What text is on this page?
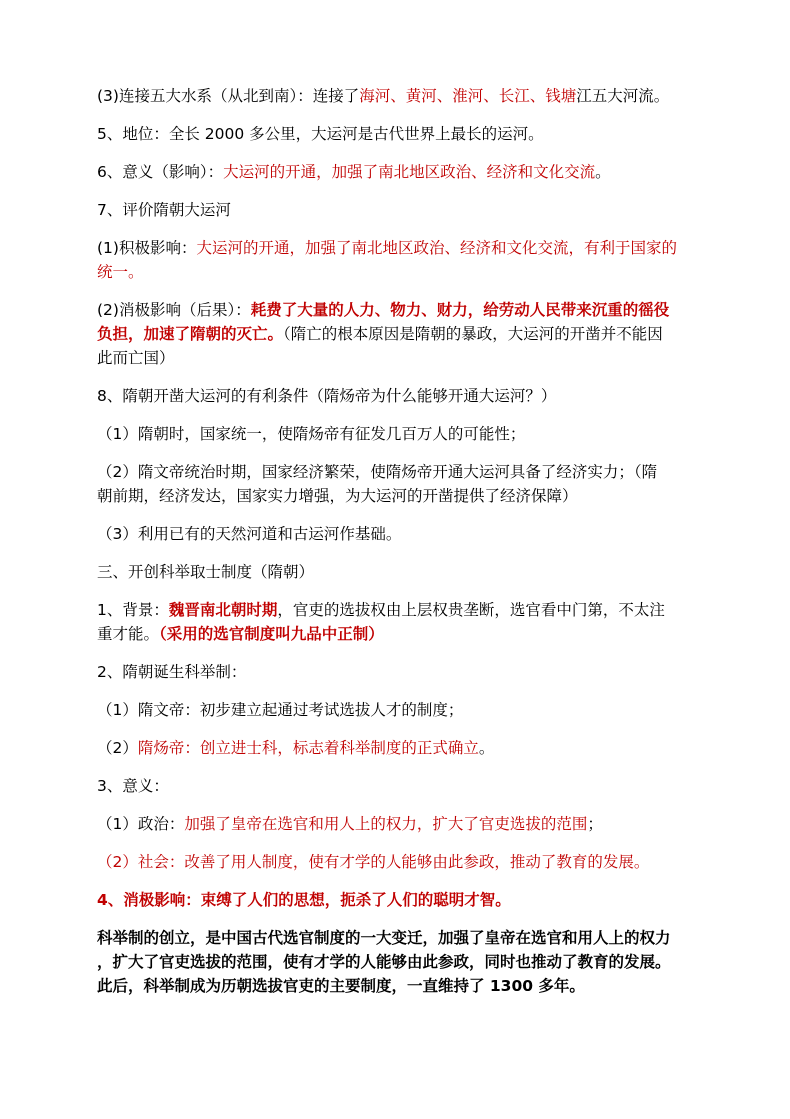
(3)连接五大水系（从北到南）：连接了海河、黄河、淮河、长江、钱塘江五大河流。
5、地位：全长 2000 多公里，大运河是古代世界上最长的运河。
6、意义（影响）：大运河的开通，加强了南北地区政治、经济和文化交流。
7、评价隋朝大运河
(1)积极影响：大运河的开通，加强了南北地区政治、经济和文化交流，有利于国家的
统一。
(2)消极影响（后果）：耗费了大量的人力、物力、财力，给劳动人民带来沉重的徭役
负担，加速了隋朝的灭亡。（隋亡的根本原因是隋朝的暴政，大运河的开凿并不能因
此而亡国）
8、隋朝开凿大运河的有利条件（隋炀帝为什么能够开通大运河？）
（1）隋朝时，国家统一，使隋炀帝有征发几百万人的可能性；
（2）隋文帝统治时期，国家经济繁荣，使隋炀帝开通大运河具备了经济实力；（隋
朝前期，经济发达，国家实力增强，为大运河的开凿提供了经济保障）
（3）利用已有的天然河道和古运河作基础。
三、开创科举取士制度（隋朝）
1、背景：魏晋南北朝时期，官吏的选拔权由上层权贵垄断，选官看中门第，不太注
重才能。（采用的选官制度叫九品中正制）
2、隋朝诞生科举制：
（1）隋文帝：初步建立起通过考试选拔人才的制度；
（2）隋炀帝：创立进士科，标志着科举制度的正式确立。
3、意义：
（1）政治：加强了皇帝在选官和用人上的权力，扩大了官吏选拔的范围；
（2）社会：改善了用人制度，使有才学的人能够由此参政，推动了教育的发展。
4、消极影响：束缚了人们的思想，扼杀了人们的聪明才智。
科举制的创立，是中国古代选官制度的一大变迁，加强了皇帝在选官和用人上的权力
，扩大了官吏选拔的范围，使有才学的人能够由此参政，同时也推动了教育的发展。
此后，科举制成为历朝选拔官吏的主要制度，一直维持了 1300 多年。
